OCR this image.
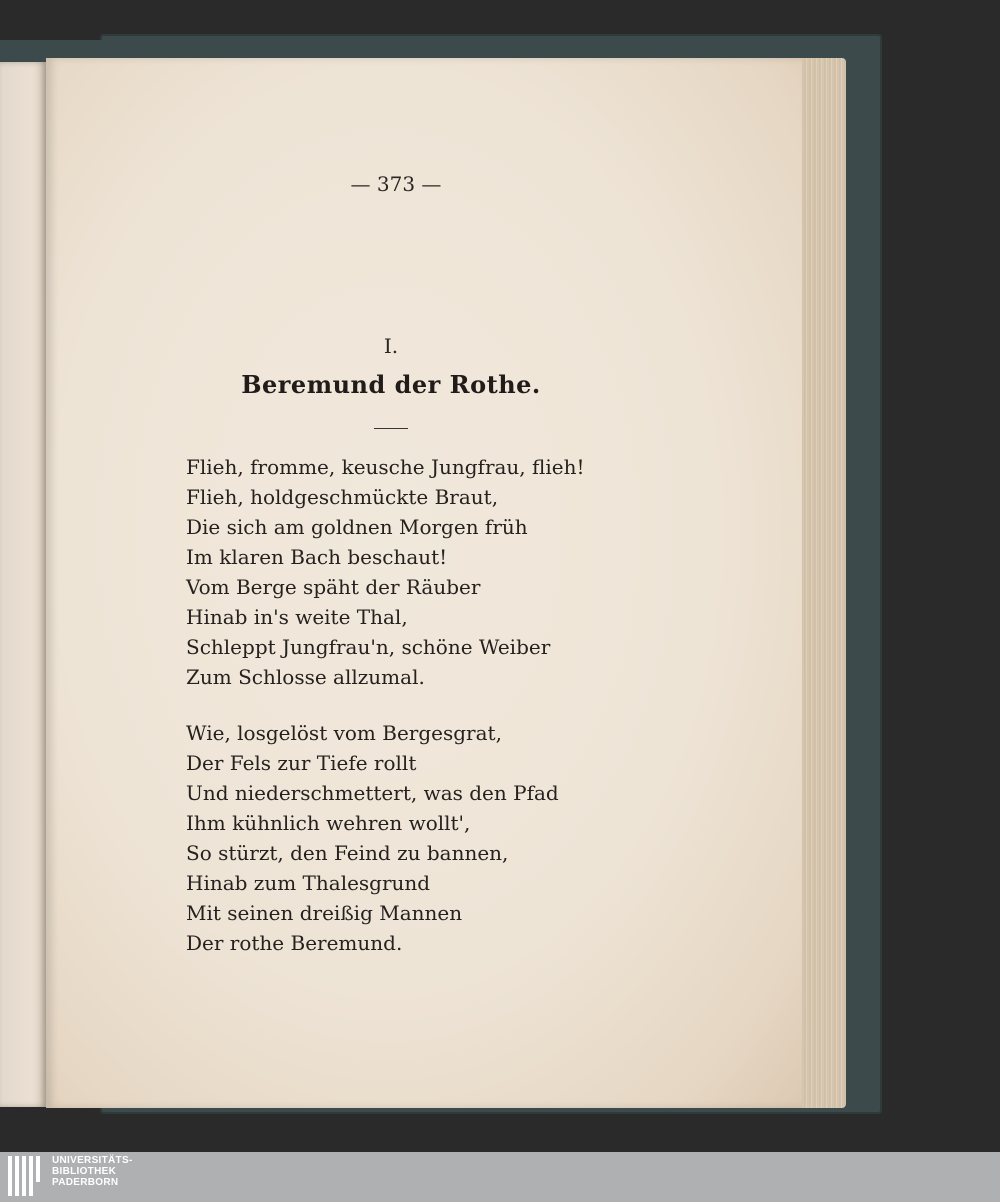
— 373 —
I.
Beremund der Rothe.
Flieh, fromme, keusche Jungfrau, flieh!
Flieh, holdgeschmückte Braut,
Die sich am goldnen Morgen früh
Im klaren Bach beschaut!
Vom Berge späht der Räuber
Hinab in's weite Thal,
Schleppt Jungfrau'n, schöne Weiber
Zum Schlosse allzumal.
Wie, losgelöst vom Bergesgrat,
Der Fels zur Tiefe rollt
Und niederschmettert, was den Pfad
Ihm kühnlich wehren wollt',
So stürzt, den Feind zu bannen,
Hinab zum Thalesgrund
Mit seinen dreißig Mannen
Der rothe Beremund.
UNIVERSITÄTS-
BIBLIOTHEK
PADERBORN
